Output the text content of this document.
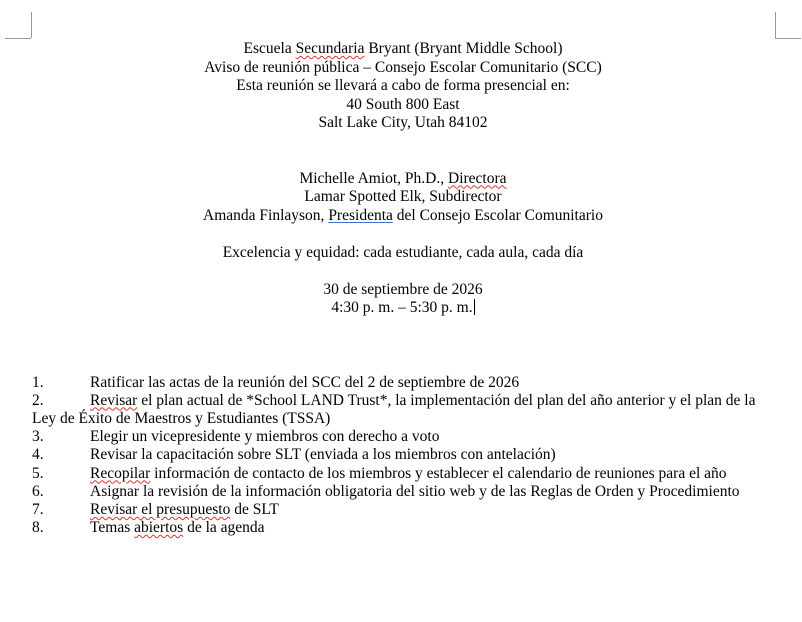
Escuela Secundaria Bryant (Bryant Middle School)
Aviso de reunión pública – Consejo Escolar Comunitario (SCC)
Esta reunión se llevará a cabo de forma presencial en:
40 South 800 East
Salt Lake City, Utah 84102
Michelle Amiot, Ph.D., Directora
Lamar Spotted Elk, Subdirector
Amanda Finlayson, Presidenta del Consejo Escolar Comunitario
Excelencia y equidad: cada estudiante, cada aula, cada día
30 de septiembre de 2026
4:30 p. m. – 5:30 p. m.
1.	Ratificar las actas de la reunión del SCC del 2 de septiembre de 2026
2.	Revisar el plan actual de *School LAND Trust*, la implementación del plan del año anterior y el plan de la Ley de Éxito de Maestros y Estudiantes (TSSA)
3.	Elegir un vicepresidente y miembros con derecho a voto
4.	Revisar la capacitación sobre SLT (enviada a los miembros con antelación)
5.	Recopilar información de contacto de los miembros y establecer el calendario de reuniones para el año
6.	Asignar la revisión de la información obligatoria del sitio web y de las Reglas de Orden y Procedimiento
7.	Revisar el presupuesto de SLT
8.	Temas abiertos de la agenda
